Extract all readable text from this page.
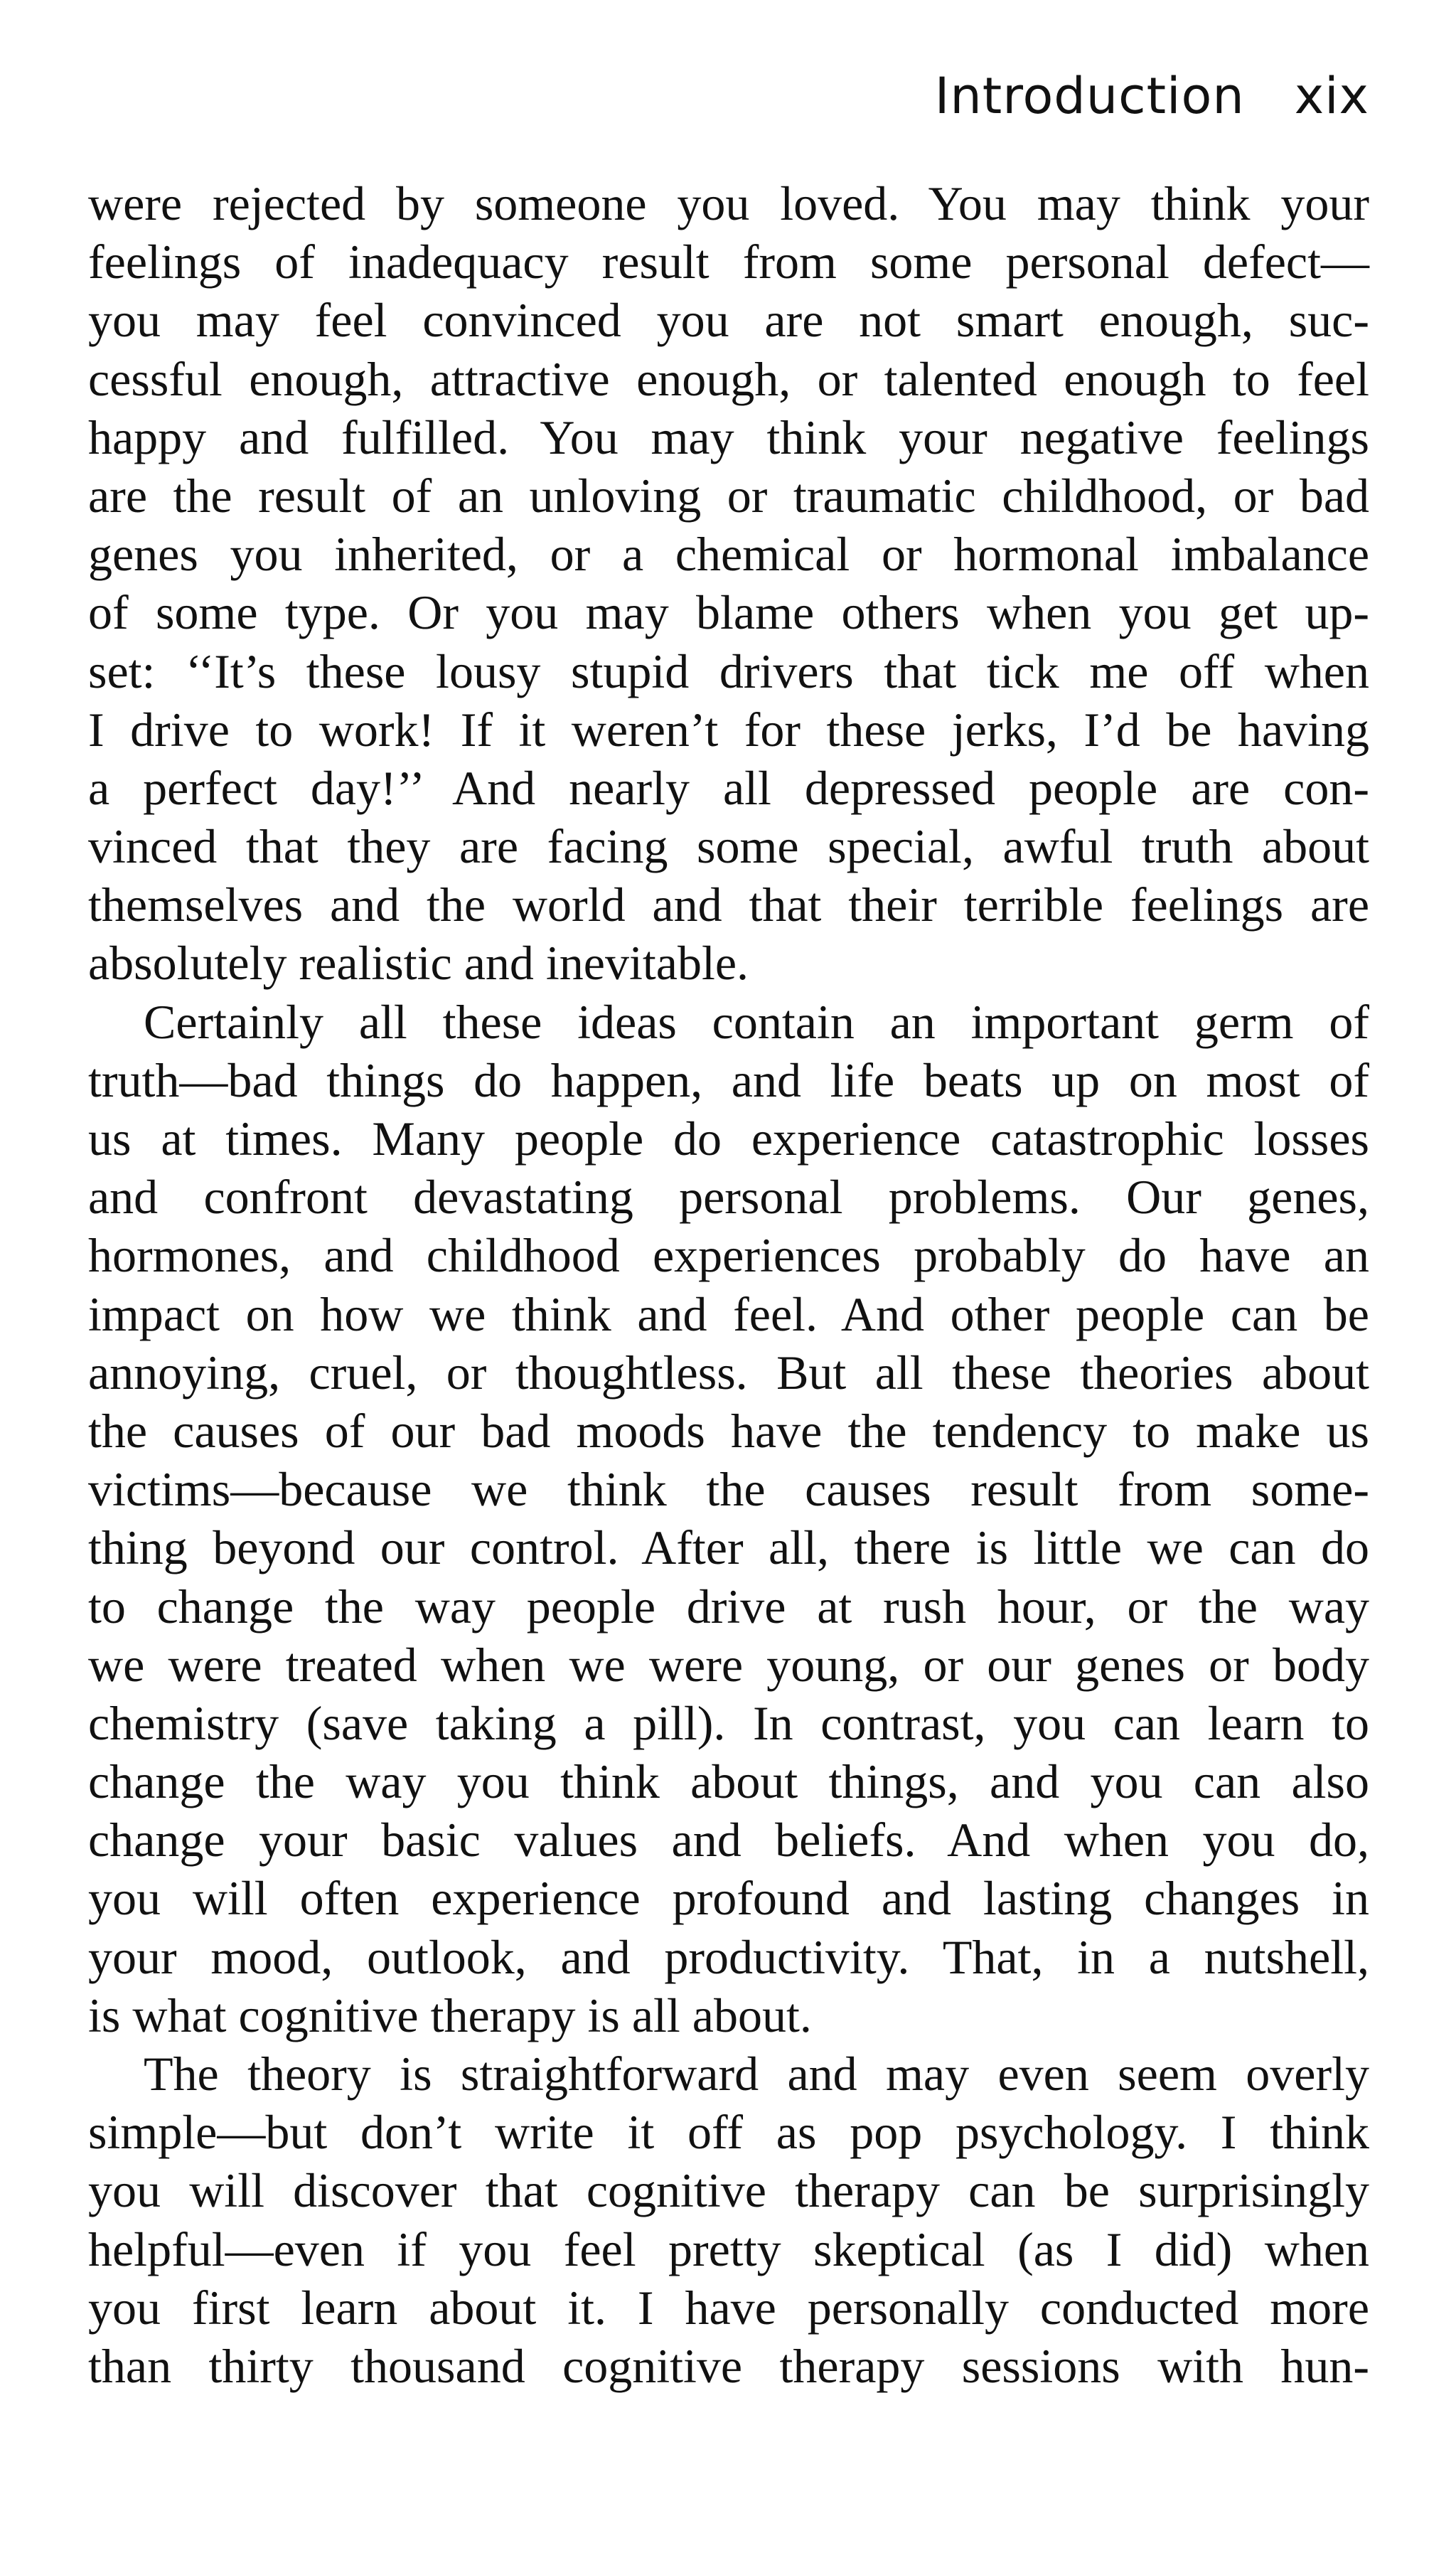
Introduction xix
were rejected by someone you loved. You may think your
feelings of inadequacy result from some personal defect—
you may feel convinced you are not smart enough, suc-
cessful enough, attractive enough, or talented enough to feel
happy and fulfilled. You may think your negative feelings
are the result of an unloving or traumatic childhood, or bad
genes you inherited, or a chemical or hormonal imbalance
of some type. Or you may blame others when you get up-
set: ‘‘It’s these lousy stupid drivers that tick me off when
I drive to work! If it weren’t for these jerks, I’d be having
a perfect day!’’ And nearly all depressed people are con-
vinced that they are facing some special, awful truth about
themselves and the world and that their terrible feelings are
absolutely realistic and inevitable.
Certainly all these ideas contain an important germ of
truth—bad things do happen, and life beats up on most of
us at times. Many people do experience catastrophic losses
and confront devastating personal problems. Our genes,
hormones, and childhood experiences probably do have an
impact on how we think and feel. And other people can be
annoying, cruel, or thoughtless. But all these theories about
the causes of our bad moods have the tendency to make us
victims—because we think the causes result from some-
thing beyond our control. After all, there is little we can do
to change the way people drive at rush hour, or the way
we were treated when we were young, or our genes or body
chemistry (save taking a pill). In contrast, you can learn to
change the way you think about things, and you can also
change your basic values and beliefs. And when you do,
you will often experience profound and lasting changes in
your mood, outlook, and productivity. That, in a nutshell,
is what cognitive therapy is all about.
The theory is straightforward and may even seem overly
simple—but don’t write it off as pop psychology. I think
you will discover that cognitive therapy can be surprisingly
helpful—even if you feel pretty skeptical (as I did) when
you first learn about it. I have personally conducted more
than thirty thousand cognitive therapy sessions with hun-
